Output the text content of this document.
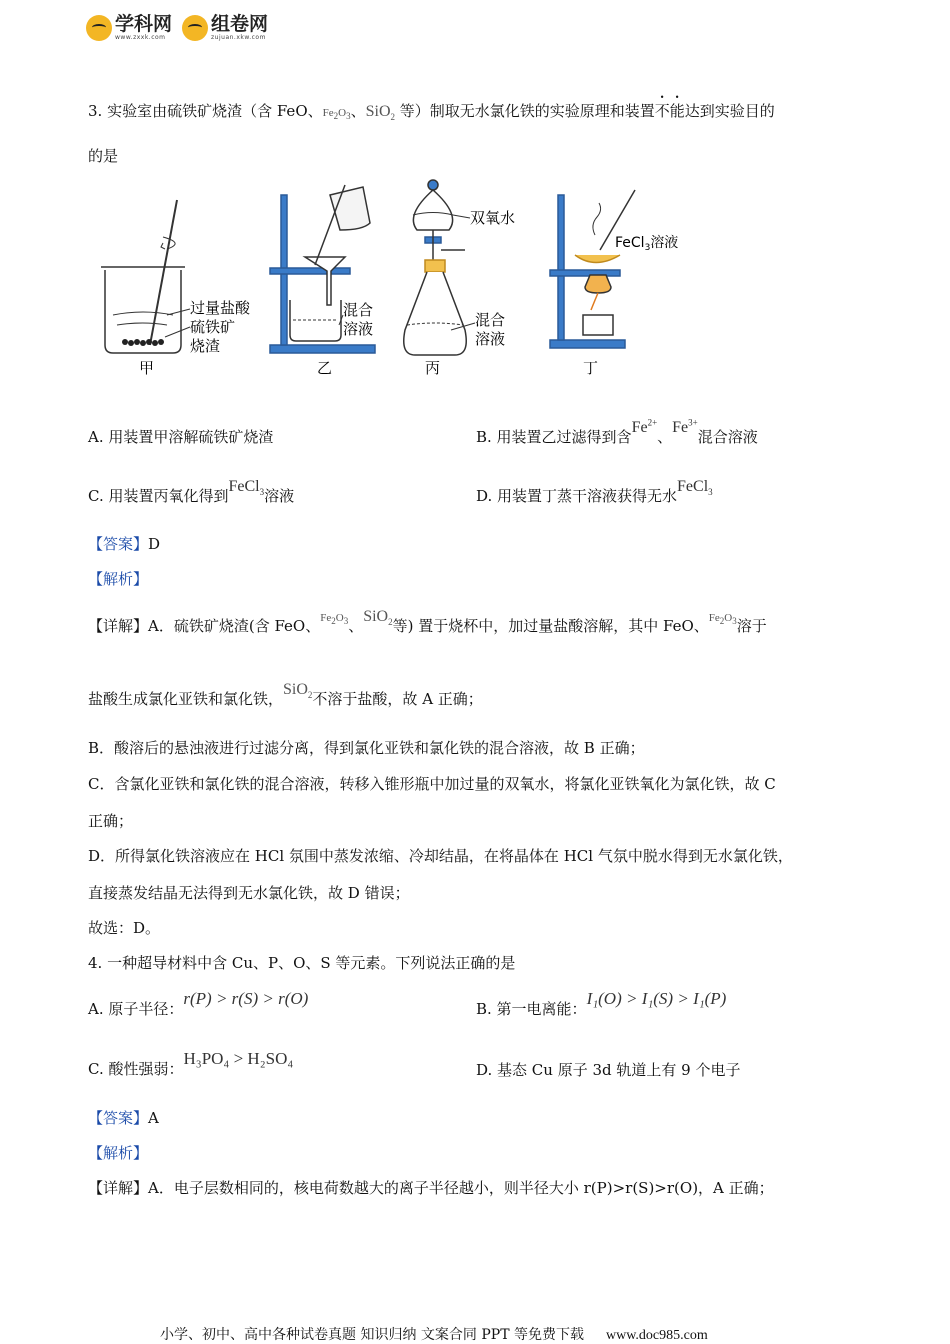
学科网
www.zxxk.com
组卷网
zujuan.xkw.com
3. 实验室由硫铁矿烧渣（含 FeO、$Fe_2O_3$、SiO$_2$ 等）制取无水氯化铁的实验原理和装置不能达到实验目的
的是
过量盐酸
硫铁矿
烧渣
甲
混合
溶液
乙
双氧水
混合
溶液
丙
FeCl$_3$溶液
丁
A. 用装置甲溶解硫铁矿烧渣	B. 用装置乙过滤得到含$Fe^{2+}$、$Fe^{3+}$混合溶液
C. 用装置丙氧化得到FeCl$_3$溶液	D. 用装置丁蒸干溶液获得无水FeCl$_3$
【答案】D
【解析】
【详解】A．硫铁矿烧渣(含 FeO、$Fe_2O_3$、SiO$_2$等) 置于烧杯中，加过量盐酸溶解，其中 FeO、$Fe_2O_3$溶于
盐酸生成氯化亚铁和氯化铁，SiO$_2$不溶于盐酸，故 A 正确；
B．酸溶后的悬浊液进行过滤分离，得到氯化亚铁和氯化铁的混合溶液，故 B 正确；
C．含氯化亚铁和氯化铁的混合溶液，转移入锥形瓶中加过量的双氧水，将氯化亚铁氧化为氯化铁，故 C
正确；
D．所得氯化铁溶液应在 HCl 氛围中蒸发浓缩、冷却结晶，在将晶体在 HCl 气氛中脱水得到无水氯化铁，
直接蒸发结晶无法得到无水氯化铁，故 D 错误；
故选：D。
4. 一种超导材料中含 Cu、P、O、S 等元素。下列说法正确的是
A. 原子半径：r(P) > r(S) > r(O)
B. 第一电离能：I₁(O) > I₁(S) > I₁(P)
C. 酸性强弱：H₃PO₄ > H₂SO₄
D. 基态 Cu 原子 3d 轨道上有 9 个电子
【答案】A
【解析】
【详解】A．电子层数相同的，核电荷数越大的离子半径越小，则半径大小 r(P)>r(S)>r(O)，A 正确；
小学、初中、高中各种试卷真题 知识归纳 文案合同 PPT 等免费下载 www.doc985.com
